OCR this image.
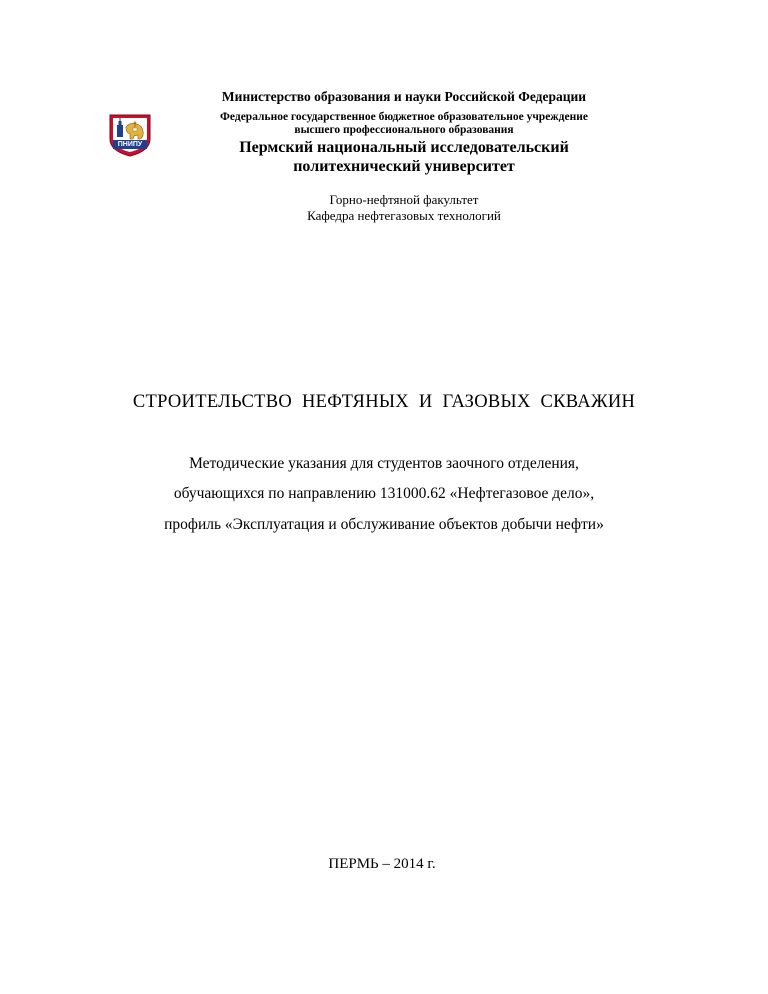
ПНИПУ
Министерство образования и науки Российской Федерации
Федеральное государственное бюджетное образовательное учреждение
высшего профессионального образования
Пермский национальный исследовательский
политехнический университет
Горно-нефтяной факультет
Кафедра нефтегазовых технологий
СТРОИТЕЛЬСТВО НЕФТЯНЫХ И ГАЗОВЫХ СКВАЖИН
Методические указания для студентов заочного отделения,
обучающихся по направлению 131000.62 «Нефтегазовое дело»,
профиль «Эксплуатация и обслуживание объектов добычи нефти»
ПЕРМЬ – 2014 г.
